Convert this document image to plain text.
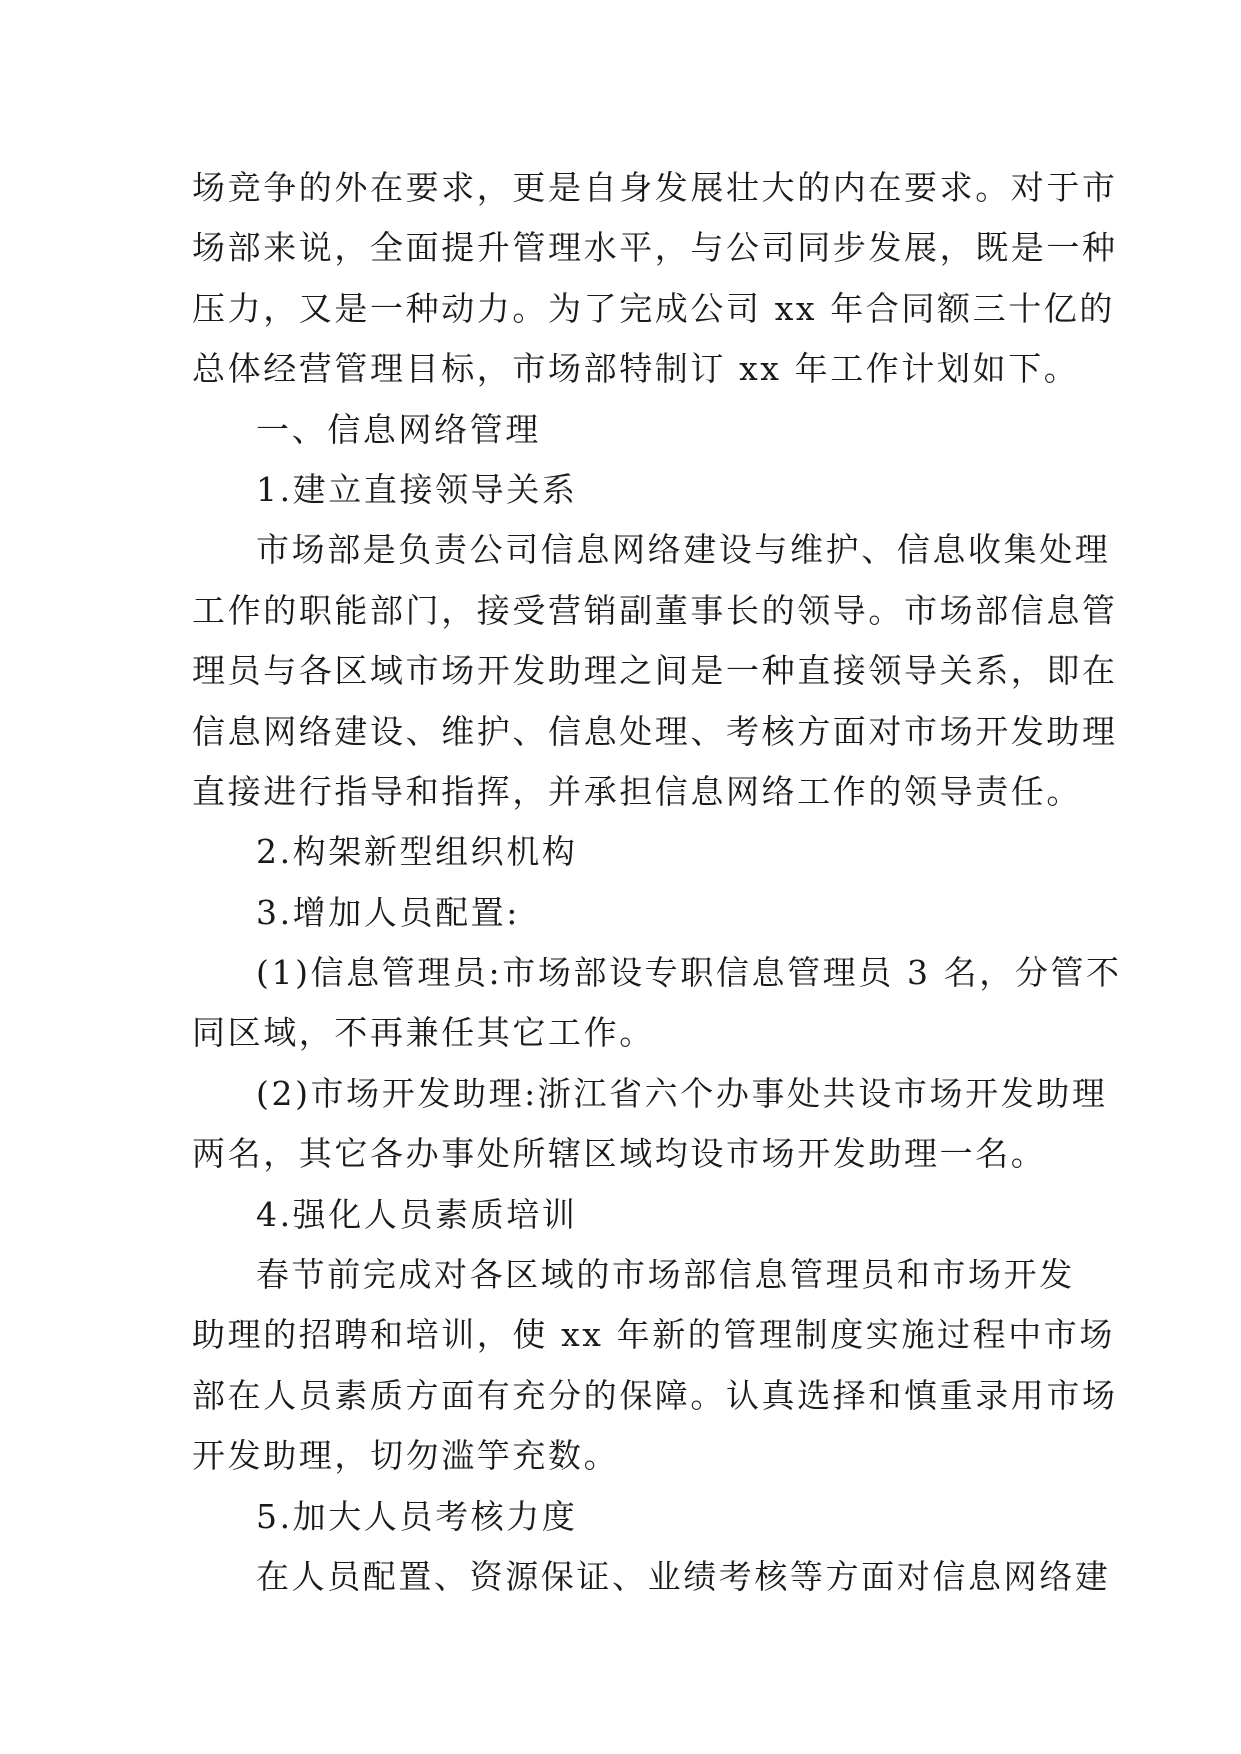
场竞争的外在要求，更是自身发展壮大的内在要求。对于市
场部来说，全面提升管理水平，与公司同步发展，既是一种
压力，又是一种动力。为了完成公司 xx 年合同额三十亿的
总体经营管理目标，市场部特制订 xx 年工作计划如下。
一、信息网络管理
1.建立直接领导关系
市场部是负责公司信息网络建设与维护、信息收集处理
工作的职能部门，接受营销副董事长的领导。市场部信息管
理员与各区域市场开发助理之间是一种直接领导关系，即在
信息网络建设、维护、信息处理、考核方面对市场开发助理
直接进行指导和指挥，并承担信息网络工作的领导责任。
2.构架新型组织机构
3.增加人员配置:
(1)信息管理员:市场部设专职信息管理员 3 名，分管不
同区域，不再兼任其它工作。
(2)市场开发助理:浙江省六个办事处共设市场开发助理
两名，其它各办事处所辖区域均设市场开发助理一名。
4.强化人员素质培训
春节前完成对各区域的市场部信息管理员和市场开发
助理的招聘和培训，使 xx 年新的管理制度实施过程中市场
部在人员素质方面有充分的保障。认真选择和慎重录用市场
开发助理，切勿滥竽充数。
5.加大人员考核力度
在人员配置、资源保证、业绩考核等方面对信息网络建
